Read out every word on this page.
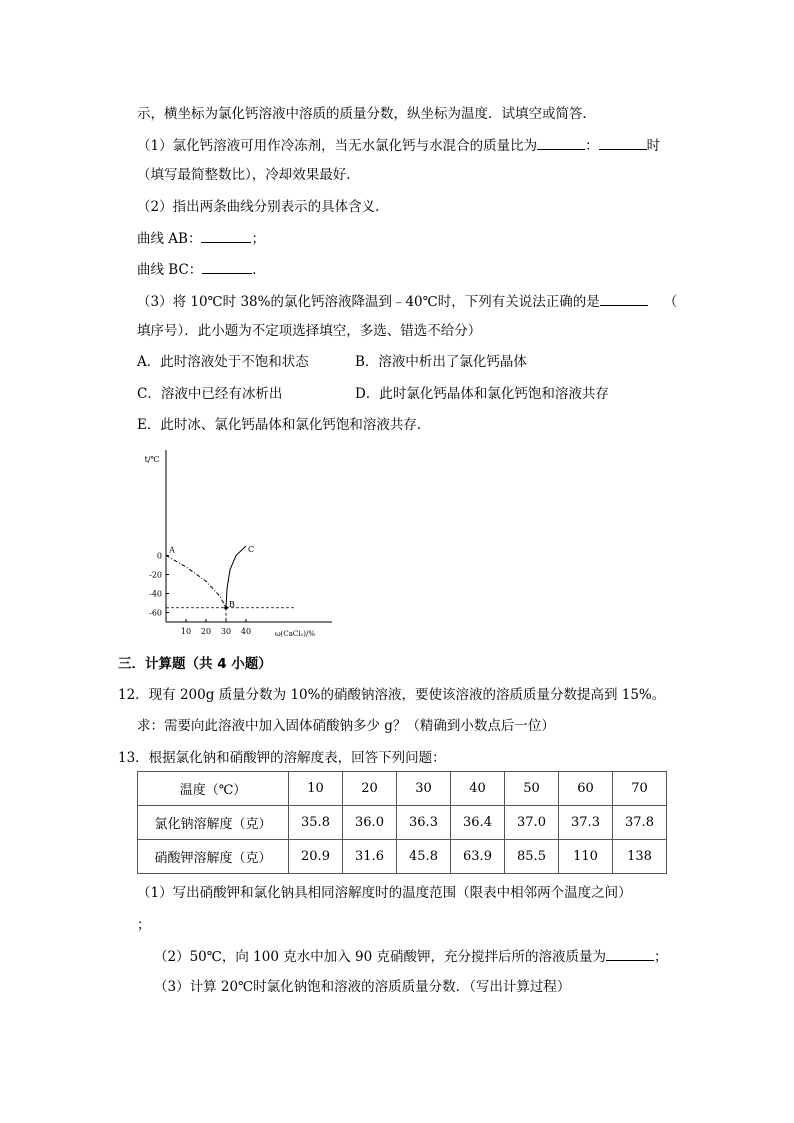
示，横坐标为氯化钙溶液中溶质的质量分数，纵坐标为温度．试填空或简答．
（1）氯化钙溶液可用作冷冻剂，当无水氯化钙与水混合的质量比为	：	时
（填写最简整数比），冷却效果最好．
（2）指出两条曲线分别表示的具体含义．
曲线 AB：	；
曲线 BC：	．
（3）将 10℃时 38%的氯化钙溶液降温到﹣40℃时，下列有关说法正确的是	（
填序号）．此小题为不定项选择填空，多选、错选不给分）
A．此时溶液处于不饱和状态	B．溶液中析出了氯化钙晶体
C．溶液中已经有冰析出	D．此时氯化钙晶体和氯化钙饱和溶液共存
E．此时冰、氯化钙晶体和氯化钙饱和溶液共存．
t/℃
ω(CaCl₂)/%
10 20 30 40
0
-20
-40
-60
A
B
C
三．计算题（共 4 小题）
12．现有 200g 质量分数为 10%的硝酸钠溶液，要使该溶液的溶质质量分数提高到 15%。
求：需要向此溶液中加入固体硝酸钠多少 g？（精确到小数点后一位）
13．根据氯化钠和硝酸钾的溶解度表，回答下列问题：
温度（℃）	10	20	30	40	50	60	70
氯化钠溶解度（克）	35.8	36.0	36.3	36.4	37.0	37.3	37.8
硝酸钾溶解度（克）	20.9	31.6	45.8	63.9	85.5	110	138
（1）写出硝酸钾和氯化钠具相同溶解度时的温度范围（限表中相邻两个温度之间）
；
（2）50℃，向 100 克水中加入 90 克硝酸钾，充分搅拌后所的溶液质量为	；
（3）计算 20℃时氯化钠饱和溶液的溶质质量分数．（写出计算过程）
